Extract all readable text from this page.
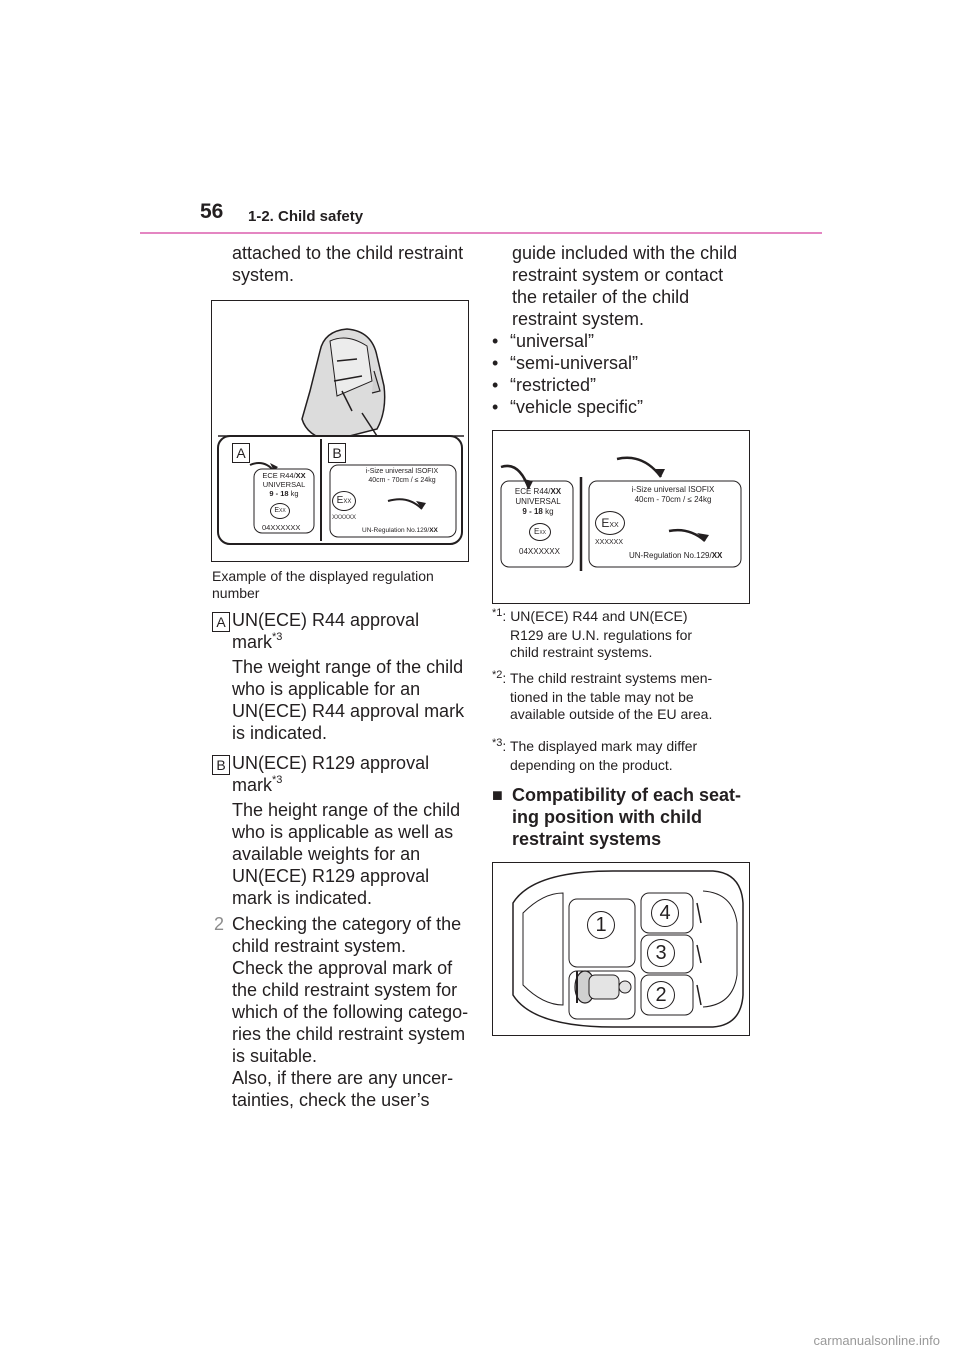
56 1-2. Child safety
attached to the child restraint
system.
A	B
ECE R44/XX
UNIVERSAL
9 - 18 kg
EXX
04XXXXXX
i-Size universal ISOFIX
40cm - 70cm / ≤ 24kg
EXX
XXXXXX
UN-Regulation No.129/XX
Example of the displayed regulation
number
A UN(ECE) R44 approval
mark$^{*3}$
The weight range of the child
who is applicable for an
UN(ECE) R44 approval mark
is indicated.
B UN(ECE) R129 approval
mark$^{*3}$
The height range of the child
who is applicable as well as
available weights for an
UN(ECE) R129 approval
mark is indicated.
2 Checking the category of the
child restraint system.
Check the approval mark of
the child restraint system for
which of the following catego-
ries the child restraint system
is suitable.
Also, if there are any uncer-
tainties, check the user’s
guide included with the child
restraint system or contact
the retailer of the child
restraint system.
• “universal”
• “semi-universal”
• “restricted”
• “vehicle specific”
ECE R44/XX
UNIVERSAL
9 - 18 kg
EXX
04XXXXXX
i-Size universal ISOFIX
40cm - 70cm / ≤ 24kg
EXX
XXXXXX
UN-Regulation No.129/XX
$^{*1}$: UN(ECE) R44 and UN(ECE)
R129 are U.N. regulations for
child restraint systems.
$^{*2}$: The child restraint systems men-
tioned in the table may not be
available outside of the EU area.
$^{*3}$: The displayed mark may differ
depending on the product.
■ Compatibility of each seat-
ing position with child
restraint systems
1
4
3
2
carmanualsonline.info
